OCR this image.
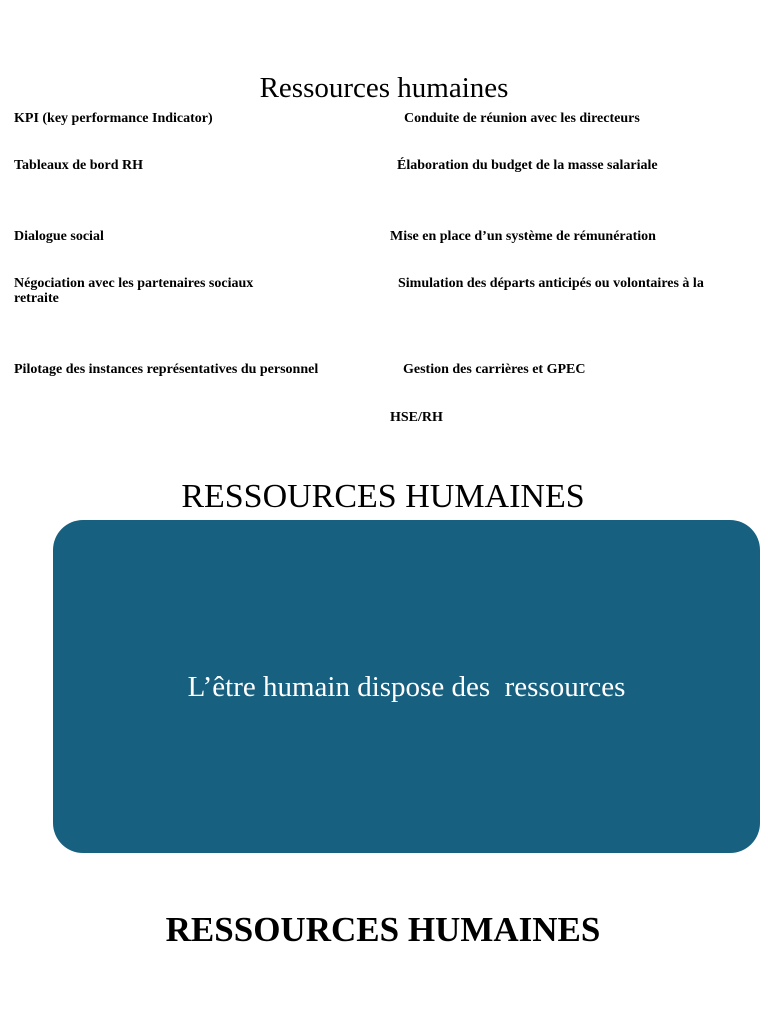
Ressources humaines
KPI (key performance Indicator)
Tableaux de bord RH
Dialogue social
Négociation avec les partenaires sociaux
retraite
Pilotage des instances représentatives du personnel
Conduite de réunion avec les directeurs
Élaboration du budget de la masse salariale
Mise en place d’un système de rémunération
Simulation des départs anticipés ou volontaires à la
Gestion des carrières et GPEC
HSE/RH
RESSOURCES HUMAINES
L’être humain dispose des  ressources
RESSOURCES HUMAINES
